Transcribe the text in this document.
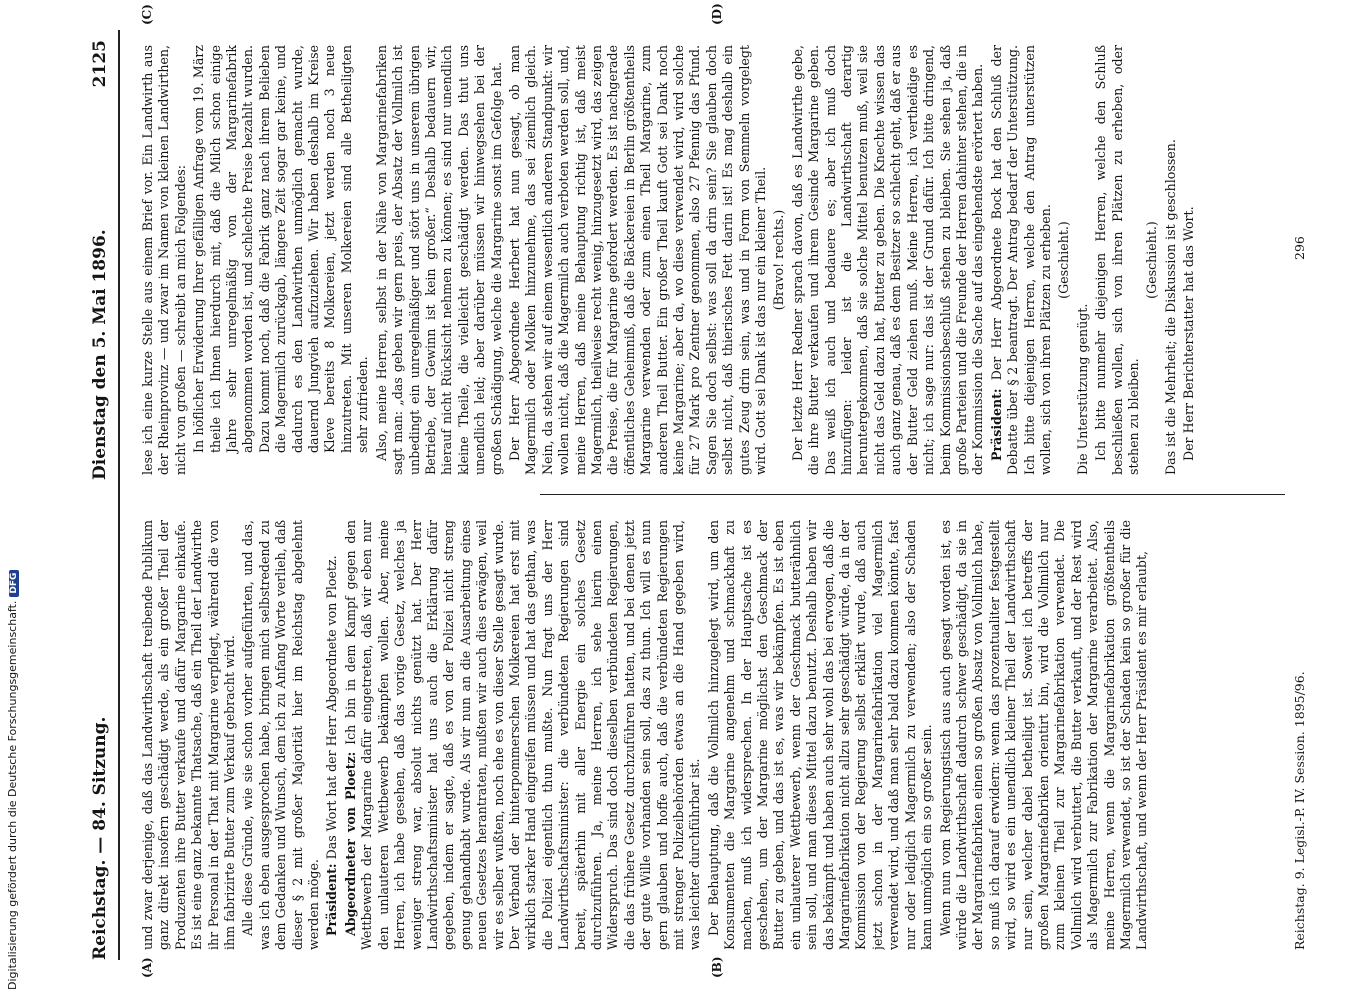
Reichstag. — 84. Sitzung.
Dienstag den 5. Mai 1896.
2125
(A)	(B)
(C)	(D)

und zwar derjenige, daß das Landwirthschaft treibende Publikum ganz direkt insofern geschädigt werde, als ein großer Theil der Produzenten ihre Butter verkaufe und dafür Margarine einkaufe. Es ist eine ganz bekannte Thatsache, daß ein Theil der Landwirthe ihr Personal in der That mit Margarine verpflegt, während die von ihm fabrizirte Butter zum Verkauf gebracht wird. Alle diese Gründe, wie sie schon vorher aufgeführten, und das, was ich eben ausgesprochen habe, bringen mich selbstredend zu dem Gedanken und Wunsch, dem ich zu Anfang Worte verlieh, daß dieser § 2 mit großer Majorität hier im Reichstag abgelehnt werden möge. Präsident: Das Wort hat der Herr Abgeordnete von Ploetz. Abgeordneter von Ploetz: Ich bin in dem Kampf gegen den Wettbewerb der Margarine dafür eingetreten, daß wir eben nur den unlauteren Wettbewerb bekämpfen wollen. Aber, meine Herren, ich habe gesehen, daß das vorige Gesetz, welches ja weniger streng war, absolut nichts genützt hat. Der Herr Landwirthschaftsminister hat uns auch die Erklärung dafür gegeben, indem er sagte, daß es von der Polizei nicht streng genug gehandhabt wurde. Als wir nun an die Ausarbeitung eines neuen Gesetzes herantraten, mußten wir auch dies erwägen, weil wir es selber wußten, noch ehe es von dieser Stelle gesagt wurde. Der Verband der hinterpommerschen Molkereien hat erst mit wirklich starker Hand eingreifen müssen und hat das gethan, was die Polizei eigentlich thun mußte. Nun fragt uns der Herr Landwirthschaftsminister: die verbündeten Regierungen sind bereit, späterhin mit aller Energie ein solches Gesetz durchzuführen. Ja, meine Herren, ich sehe hierin einen Widerspruch. Das sind doch dieselben verbündeten Regierungen, die das frühere Gesetz durchzuführen hatten, und bei denen jetzt der gute Wille vorhanden sein soll, das zu thun. Ich will es nun gern glauben und hoffe auch, daß die verbündeten Regierungen mit strenger Polizeibehörden etwas an die Hand gegeben wird, was leichter durchführbar ist. Der Behauptung, daß die Vollmilch hinzugelegt wird, um den Konsumenten die Margarine angenehm und schmackhaft zu machen, muß ich widersprechen. In der Hauptsache ist es geschehen, um der Margarine möglichst den Geschmack der Butter zu geben, und das ist es, was wir bekämpfen. Es ist eben ein unlauterer Wettbewerb, wenn der Geschmack butterähnlich sein soll, und man dieses Mittel dazu benutzt. Deshalb haben wir das bekämpft und haben auch sehr wohl das bei erwogen, daß die Margarinefabrikation nicht allzu sehr geschädigt würde, da in der Kommission von der Regierung selbst erklärt wurde, daß auch jetzt schon in der Margarinefabrikation viel Magermilch verwendet wird, und daß man sehr bald dazu kommen könnte, fast nur oder lediglich Magermilch zu verwenden; also der Schaden kann unmöglich ein so großer sein. Wenn nun vom Regierungstisch aus auch gesagt worden ist, es würde die Landwirthschaft dadurch schwer geschädigt, da sie in der Margarinefabriken einen so großen Absatz von Vollmilch habe, so muß ich darauf erwidern: wenn das prozentualiter festgestellt wird, so wird es ein unendlich kleiner Theil der Landwirthschaft nur sein, welcher dabei betheiligt ist. Soweit ich betreffs der großen Margarinefabriken orientirt bin, wird die Vollmilch nur zum kleinen Theil zur Margarinefabrikation verwendet. Die Vollmilch wird verbuttert, die Butter verkauft, und der Rest wird als Magermilch zur Fabrikation der Margarine verarbeitet. Also, meine Herren, wenn die Margarinefabrikation größtentheils Magermilch verwendet, so ist der Schaden kein so großer für die Landwirthschaft, und wenn der Herr Präsident es mir erlaubt,

lese ich eine kurze Stelle aus einem Brief vor. Ein Landwirth aus der Rheinprovinz — und zwar im Namen von kleinen Landwirthen, nicht von großen — schreibt an mich Folgendes: In höflicher Erwiderung Ihrer gefälligen Anfrage vom 19. März theile ich Ihnen hierdurch mit, daß die Milch schon einige Jahre sehr unregelmäßig von der Margarinefabrik abgenommen worden ist, und schlechte Preise bezahlt wurden. Dazu kommt noch, daß die Fabrik ganz nach ihrem Belieben die Magermilch zurückgab, längere Zeit sogar gar keine, und dadurch es den Landwirthen unmöglich gemacht wurde, dauernd Jungvieh aufzuziehen. Wir haben deshalb im Kreise Kleve bereits 8 Molkereien, jetzt werden noch 3 neue hinzutreten. Mit unseren Molkereien sind alle Betheiligten sehr zufrieden. Also, meine Herren, selbst in der Nähe von Margarinefabriken sagt man: „das geben wir gern preis, der Absatz der Vollmilch ist unbedingt ein unregelmäßiger und stört uns in unserem übrigen Betriebe, der Gewinn ist kein großer.“ Deshalb bedauern wir, hierauf nicht Rücksicht nehmen zu können; es sind nur unendlich kleine Theile, die vielleicht geschädigt werden. Das thut uns unendlich leid; aber darüber müssen wir hinwegsehen bei der großen Schädigung, welche die Margarine sonst im Gefolge hat. Der Herr Abgeordnete Herbert hat nun gesagt, ob man Magermilch oder Molken hinzunehme, das sei ziemlich gleich. Nein, da stehen wir auf einem wesentlich anderen Standpunkt: wir wollen nicht, daß die Magermilch auch verboten werden soll, und, meine Herren, daß meine Behauptung richtig ist, daß meist Magermilch, theilweise recht wenig, hinzugesetzt wird, das zeigen die Preise, die für Margarine gefordert werden. Es ist nachgerade öffentliches Geheimniß, daß die Bäckereien in Berlin größtentheils Margarine verwenden oder zum einen Theil Margarine, zum anderen Theil Butter. Ein großer Theil kauft Gott sei Dank noch keine Margarine; aber da, wo diese verwendet wird, wird solche für 27 Mark pro Zentner genommen, also 27 Pfennig das Pfund. Sagen Sie doch selbst: was soll da drin sein? Sie glauben doch selbst nicht, daß thierisches Fett darin ist! Es mag deshalb ein gutes Zeug drin sein, was und in Form von Semmeln vorgelegt wird. Gott sei Dank ist das nur ein kleiner Theil. (Bravo! rechts.) Der letzte Herr Redner sprach davon, daß es Landwirthe gebe, die ihre Butter verkaufen und ihrem Gesinde Margarine geben. Das weiß ich auch und bedauere es; aber ich muß doch hinzufügen: leider ist die Landwirthschaft derartig heruntergekommen, daß sie solche Mittel benutzen muß, weil sie nicht das Geld dazu hat, Butter zu geben. Die Knechte wissen das auch ganz genau, daß es dem Besitzer so schlecht geht, daß er aus der Butter Geld ziehen muß. Meine Herren, ich vertheidige es nicht; ich sage nur: das ist der Grund dafür. Ich bitte dringend, beim Kommissionsbeschluß stehen zu bleiben. Sie sehen ja, daß große Parteien und die Freunde der Herren dahinter stehen, die in der Kommission die Sache auf das eingehendste erörtert haben. Präsident: Der Herr Abgeordnete Bock hat den Schluß der Debatte über § 2 beantragt. Der Antrag bedarf der Unterstützung. Ich bitte diejenigen Herren, welche den Antrag unterstützen wollen, sich von ihren Plätzen zu erheben. (Geschieht.)

Die Unterstützung genügt. Ich bitte nunmehr diejenigen Herren, welche den Schluß beschließen wollen, sich von ihren Plätzen zu erheben, oder stehen zu bleiben.

(Geschieht.) Das ist die Mehrheit; die Diskussion ist geschlossen. Der Herr Berichterstatter hat das Wort.

Reichstag. 9. Legisl.-P. IV. Session. 1895/96.
296
Digitalisierung gefördert durch die Deutsche Forschungsgemeinschaft.DFG
